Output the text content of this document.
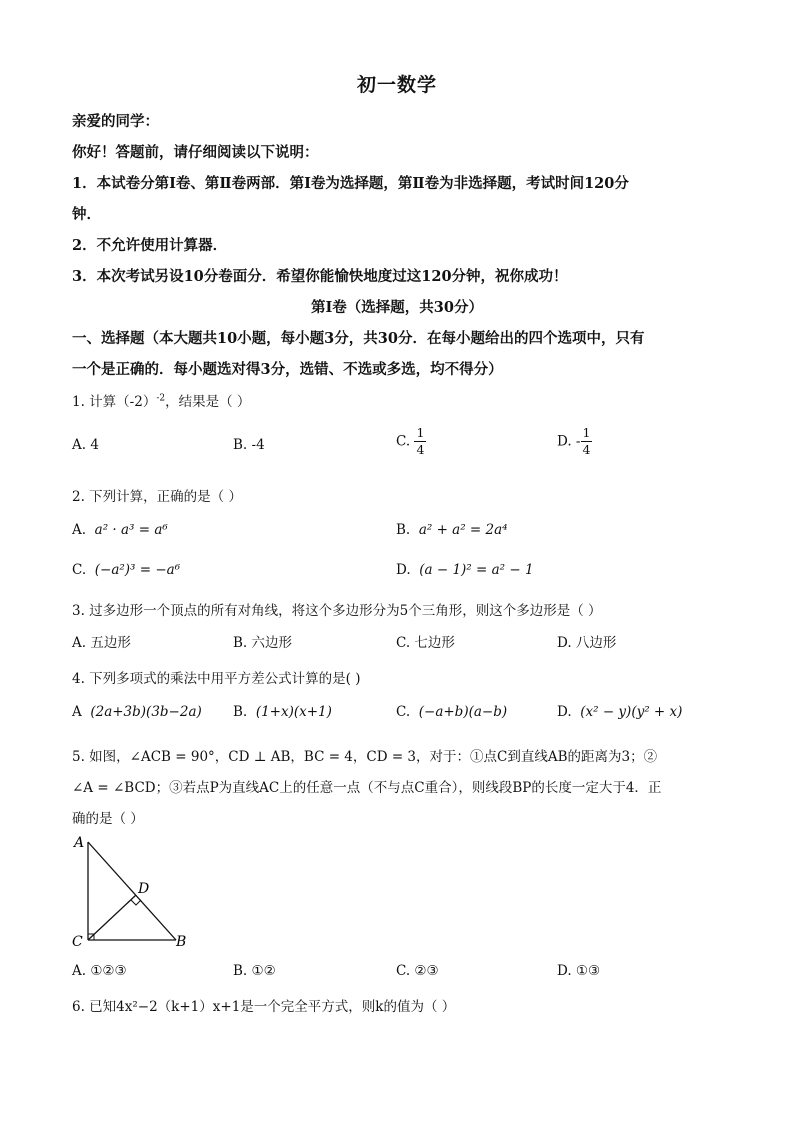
初一数学
亲爱的同学：
你好！答题前，请仔细阅读以下说明：
1．本试卷分第Ⅰ卷、第Ⅱ卷两部．第Ⅰ卷为选择题，第Ⅱ卷为非选择题，考试时间120分
钟．
2．不允许使用计算器．
3．本次考试另设10分卷面分．希望你能愉快地度过这120分钟，祝你成功！
第Ⅰ卷（选择题，共30分）
一、选择题（本大题共10小题，每小题3分，共30分．在每小题给出的四个选项中，只有
一个是正确的．每小题选对得3分，选错、不选或多选，均不得分）
1. 计算$(-2)^{-2}$，结果是（ ）
A. 4	B. -4	C. $\frac{1}{4}$	D. - $\frac{1}{4}$
2. 下列计算，正确的是（ ）
A. a² · a³ = a⁶	B. a² + a² = 2a⁴
C. (−a²)³ = −a⁶	D. (a − 1)² = a² − 1
3. 过多边形一个顶点的所有对角线，将这个多边形分为5个三角形，则这个多边形是（ ）
A. 五边形	B. 六边形	C. 七边形	D. 八边形
4. 下列多项式的乘法中用平方差公式计算的是( )
A (2a+3b)(3b−2a) B. (1+x)(x+1)	C. (−a+b)(a−b)	D. (x² − y)(y² + x)
5. 如图，∠ACB = 90°，CD ⊥ AB，BC = 4，CD = 3，对于：①点C到直线AB的距离为3；②
∠A = ∠BCD；③若点P为直线AC上的任意一点（不与点C重合），则线段BP的长度一定大于4．正
确的是（ ）
A
C	B
D
A. ①②③	B. ①②	C. ②③	D. ①③
6. 已知4x²−2（k+1）x+1是一个完全平方式，则k的值为（ ）
